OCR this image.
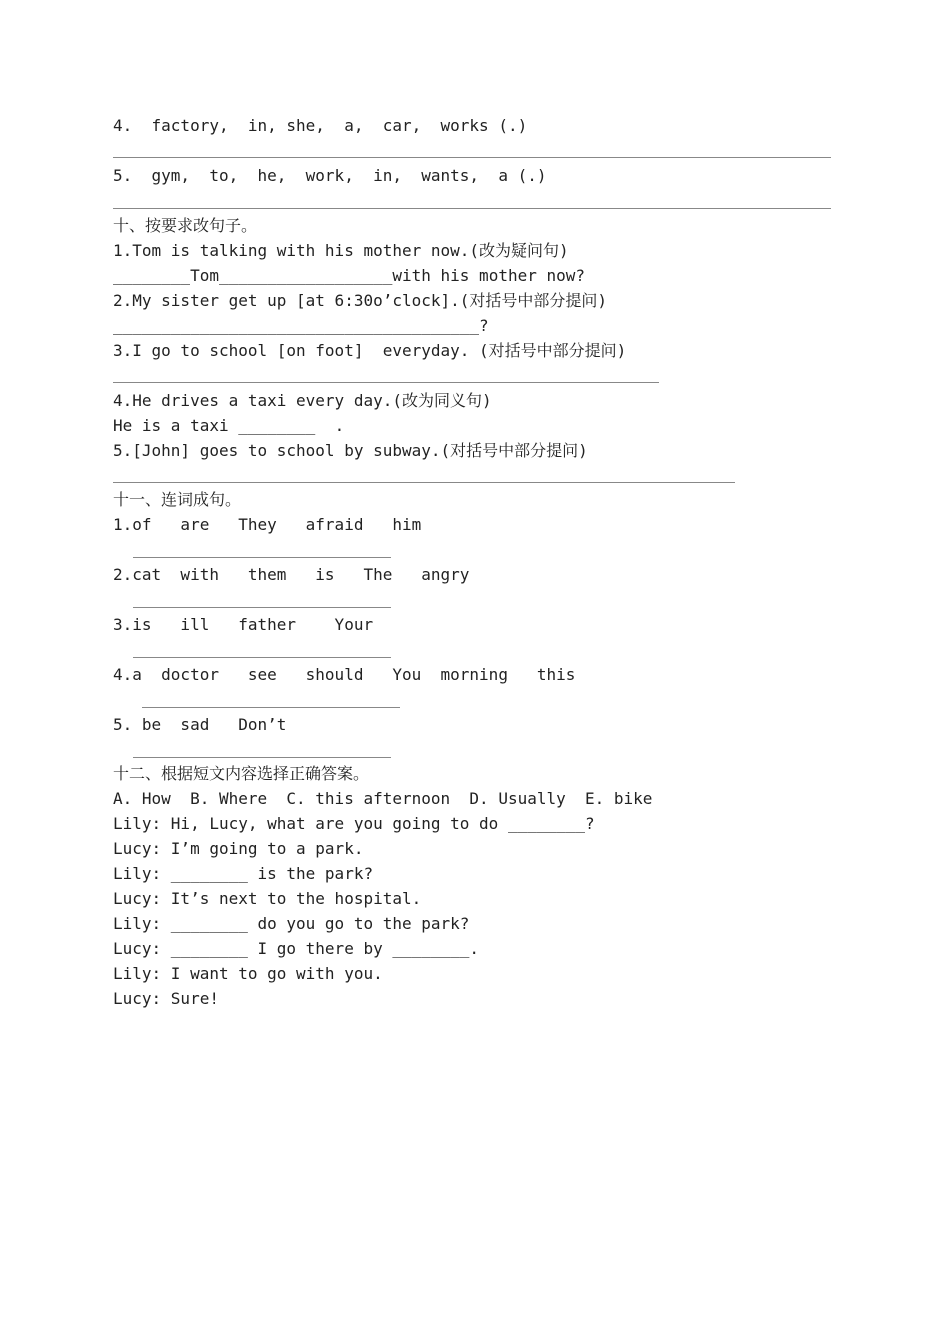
4.  factory,  in, she,  a,  car,  works (.)
5.  gym,  to,  he,  work,  in,  wants,  a (.)
十、按要求改句子。
1.Tom is talking with his mother now.(改为疑问句)
________Tom__________________with his mother now?
2.My sister get up [at 6:30o’clock].(对括号中部分提问)
______________________________________?
3.I go to school [on foot]  everyday. (对括号中部分提问)
4.He drives a taxi every day.(改为同义句)
He is a taxi ________  .
5.[John] goes to school by subway.(对括号中部分提问)
十一、连词成句。
1.of   are   They   afraid   him
2.cat  with   them   is   The   angry
3.is   ill   father    Your
4.a  doctor   see   should   You  morning   this
5. be  sad   Don’t
十二、根据短文内容选择正确答案。
A. How  B. Where  C. this afternoon  D. Usually  E. bike
Lily: Hi, Lucy, what are you going to do ________?
Lucy: I’m going to a park.
Lily: ________ is the park?
Lucy: It’s next to the hospital.
Lily: ________ do you go to the park?
Lucy: ________ I go there by ________.
Lily: I want to go with you.
Lucy: Sure!
